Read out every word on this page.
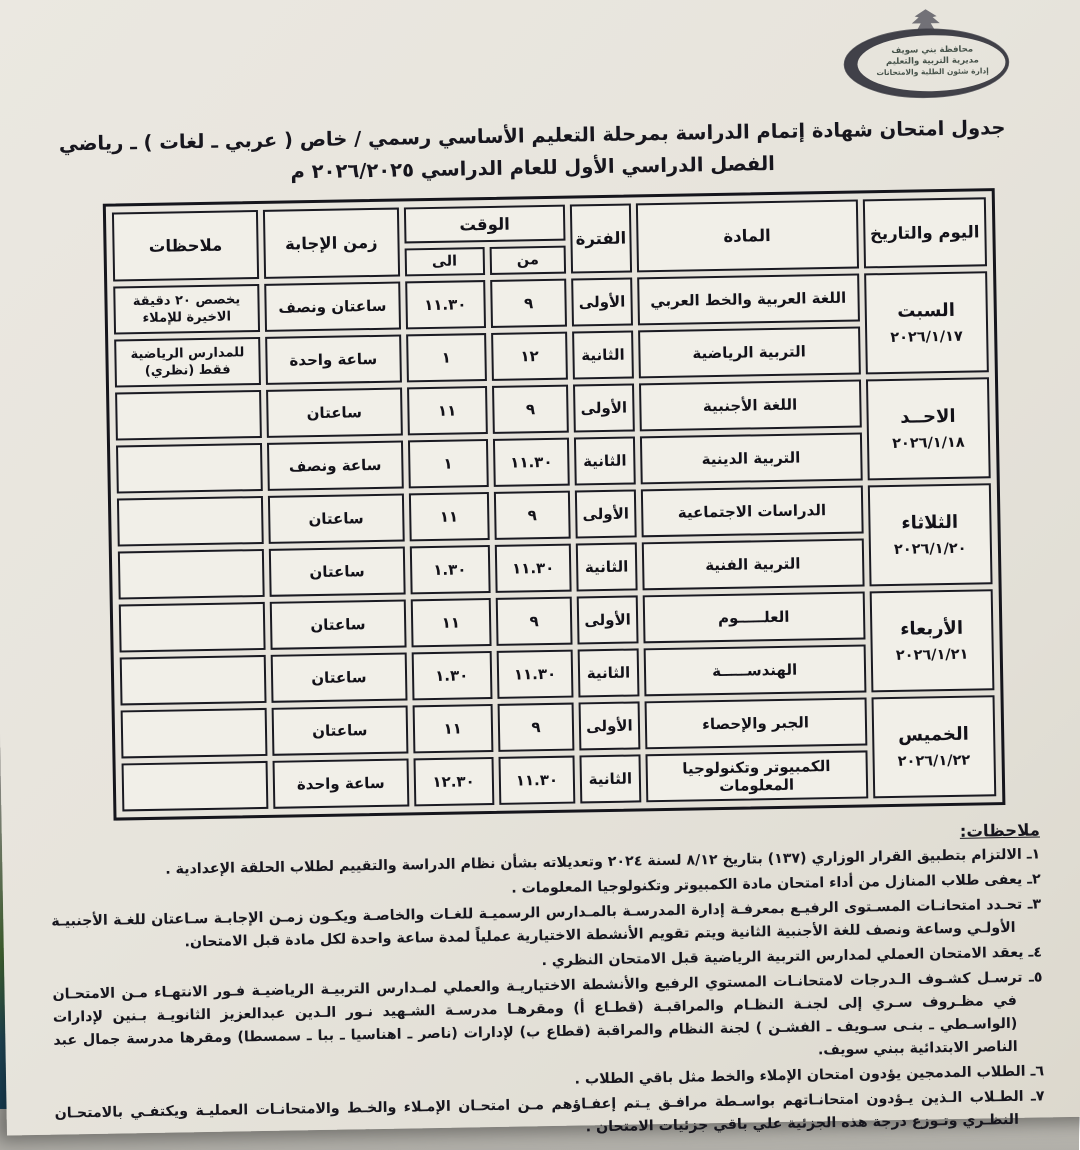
محافظة بني سويف
مديرية التربية والتعليم
إدارة شئون الطلبة والامتحانات
جدول امتحان شهادة إتمام الدراسة بمرحلة التعليم الأساسي رسمي / خاص ( عربي ـ لغات ) ـ رياضي
الفصل الدراسي الأول للعام الدراسي ٢٠٢٦/٢٠٢٥ م
اليوم والتاريخ	المادة	الفترة	الوقت		زمن الإجابة	ملاحظات
			من	الى		

السبت
٢٠٢٦/١/١٧	اللغة العربية والخط العربي	الأولى	٩	١١.٣٠	ساعتان ونصف	يخصص ٢٠ دقيقة الاخيرة للإملاء
	التربية الرياضية	الثانية	١٢	١	ساعة واحدة	للمدارس الرياضية فقط (نظري)

الاحــد
٢٠٢٦/١/١٨	اللغة الأجنبية	الأولى	٩	١١	ساعتان	
	التربية الدينية	الثانية	١١.٣٠	١	ساعة ونصف	

الثلاثاء
٢٠٢٦/١/٢٠	الدراسات الاجتماعية	الأولى	٩	١١	ساعتان	
	التربية الفنية	الثانية	١١.٣٠	١.٣٠	ساعتان	

الأربعاء
٢٠٢٦/١/٢١	العلـــــوم	الأولى	٩	١١	ساعتان	
	الهندســـــة	الثانية	١١.٣٠	١.٣٠	ساعتان	

الخميس
٢٠٢٦/١/٢٢	الجبر والإحصاء	الأولى	٩	١١	ساعتان	
	الكمبيوتر وتكنولوجيا المعلومات	الثانية	١١.٣٠	١٢.٣٠	ساعة واحدة	
ملاحظات:

١ـ الالتزام بتطبيق القرار الوزاري (١٣٧) بتاريخ ٨/١٢ لسنة ٢٠٢٤ وتعديلاته بشأن نظام الدراسة والتقييم لطلاب الحلقة الإعدادية .

٢ـ يعفى طلاب المنازل من أداء امتحان مادة الكمبيوتر وتكنولوجيا المعلومات .

٣ـ تحـدد امتحانـات المسـتوى الرفيـع بمعرفـة إدارة المدرسـة بالمـدارس الرسميـة للغـات والخاصـة ويكـون زمـن الإجابـة سـاعتان للغـة الأجنبيـة الأولـي وساعة ونصف للغة الأجنبية الثانية ويتم تقويم الأنشطة الاختيارية عملياً لمدة ساعة واحدة لكل مادة قبل الامتحان.

٤ـ يعقد الامتحان العملي لمدارس التربية الرياضية قبل الامتحان النظري .

٥ـ ترسـل كشـوف الـدرجات لامتحانـات المستوي الرفيع والأنشطة الاختياريـة والعملي لمـدارس التربيـة الرياضيـة فـور الانتهـاء مـن الامتحـان في مظـروف سـري إلى لجنـة النظـام والمراقبـة (قطـاع أ) ومقرهـا مدرسـة الشـهيد نـور الـدين عبدالعزيز الثانويـة بـنين لإدارات (الواسـطي ـ بنـى سـويف ـ الفشـن ) لجنة النظام والمراقبة (قطاع ب) لإدارات (ناصر ـ اهناسيا ـ ببا ـ سمسطا) ومقرها مدرسة جمال عبد الناصر الابتدائية ببني سويف.

٦ـ الطلاب المدمجين يؤدون امتحان الإملاء والخط مثل باقي الطلاب .

٧ـ الطـلاب الـذين يـؤدون امتحانـاتهم بواسـطة مرافـق يـتم إعفـاؤهم مـن امتحـان الإمـلاء والخـط والامتحانـات العمليـة ويكتفـي بالامتحـان النظـري وتـوزع درجة هذه الجزئية علي باقي جزئيات الامتحان .
